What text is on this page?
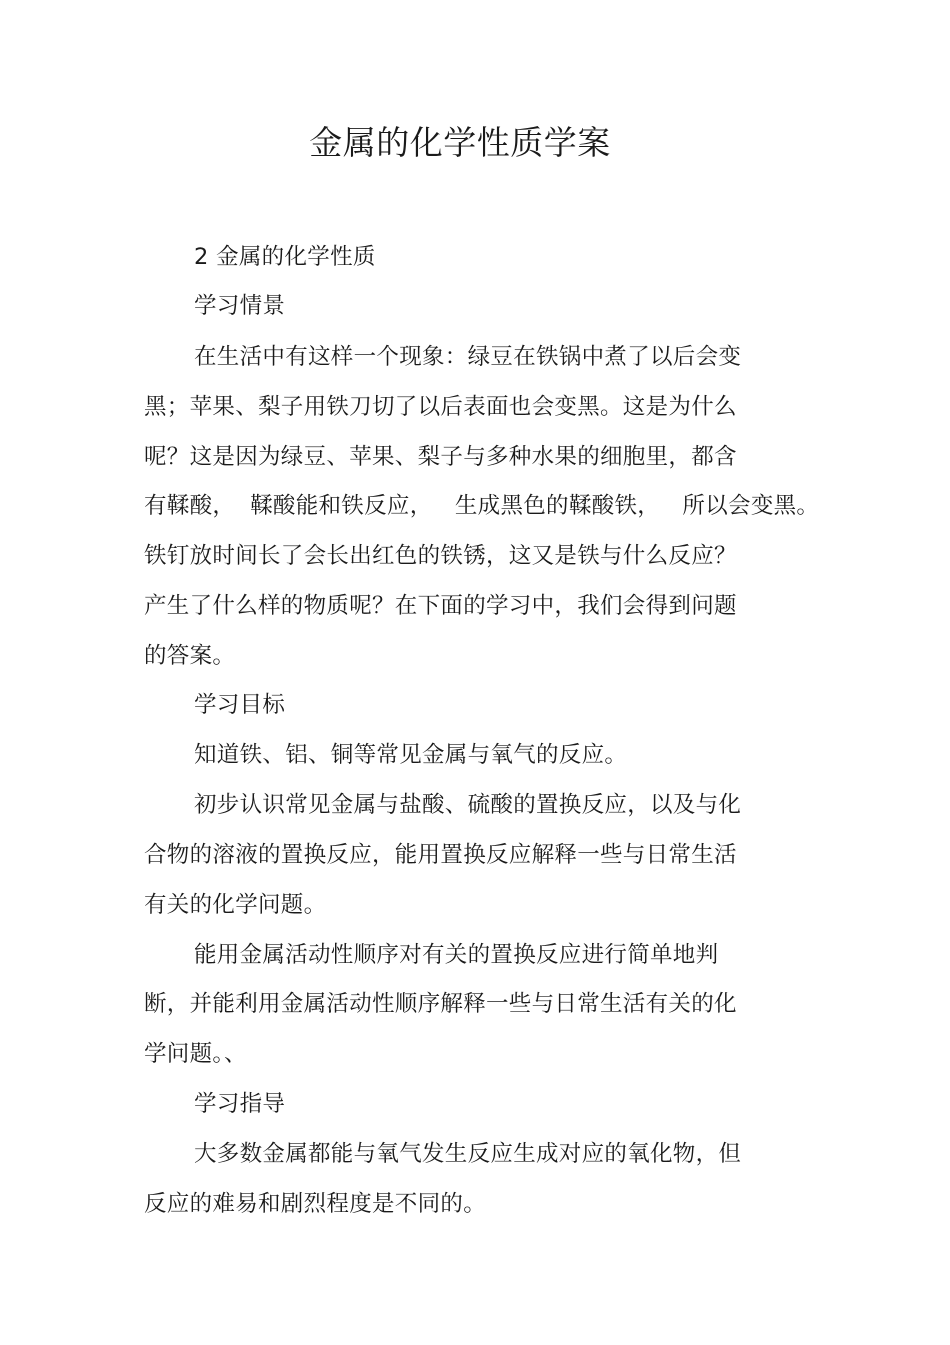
金属的化学性质学案
2 金属的化学性质
学习情景
在生活中有这样一个现象：绿豆在铁锅中煮了以后会变
黑；苹果、梨子用铁刀切了以后表面也会变黑。这是为什么
呢？这是因为绿豆、苹果、梨子与多种水果的细胞里，都含
有鞣酸，  鞣酸能和铁反应，   生成黑色的鞣酸铁，   所以会变黑。
铁钉放时间长了会长出红色的铁锈，这又是铁与什么反应？
产生了什么样的物质呢？在下面的学习中，我们会得到问题
的答案。
学习目标
知道铁、铝、铜等常见金属与氧气的反应。
初步认识常见金属与盐酸、硫酸的置换反应，以及与化
合物的溶液的置换反应，能用置换反应解释一些与日常生活
有关的化学问题。
能用金属活动性顺序对有关的置换反应进行简单地判
断，并能利用金属活动性顺序解释一些与日常生活有关的化
学问题。、
学习指导
大多数金属都能与氧气发生反应生成对应的氧化物，但
反应的难易和剧烈程度是不同的。
